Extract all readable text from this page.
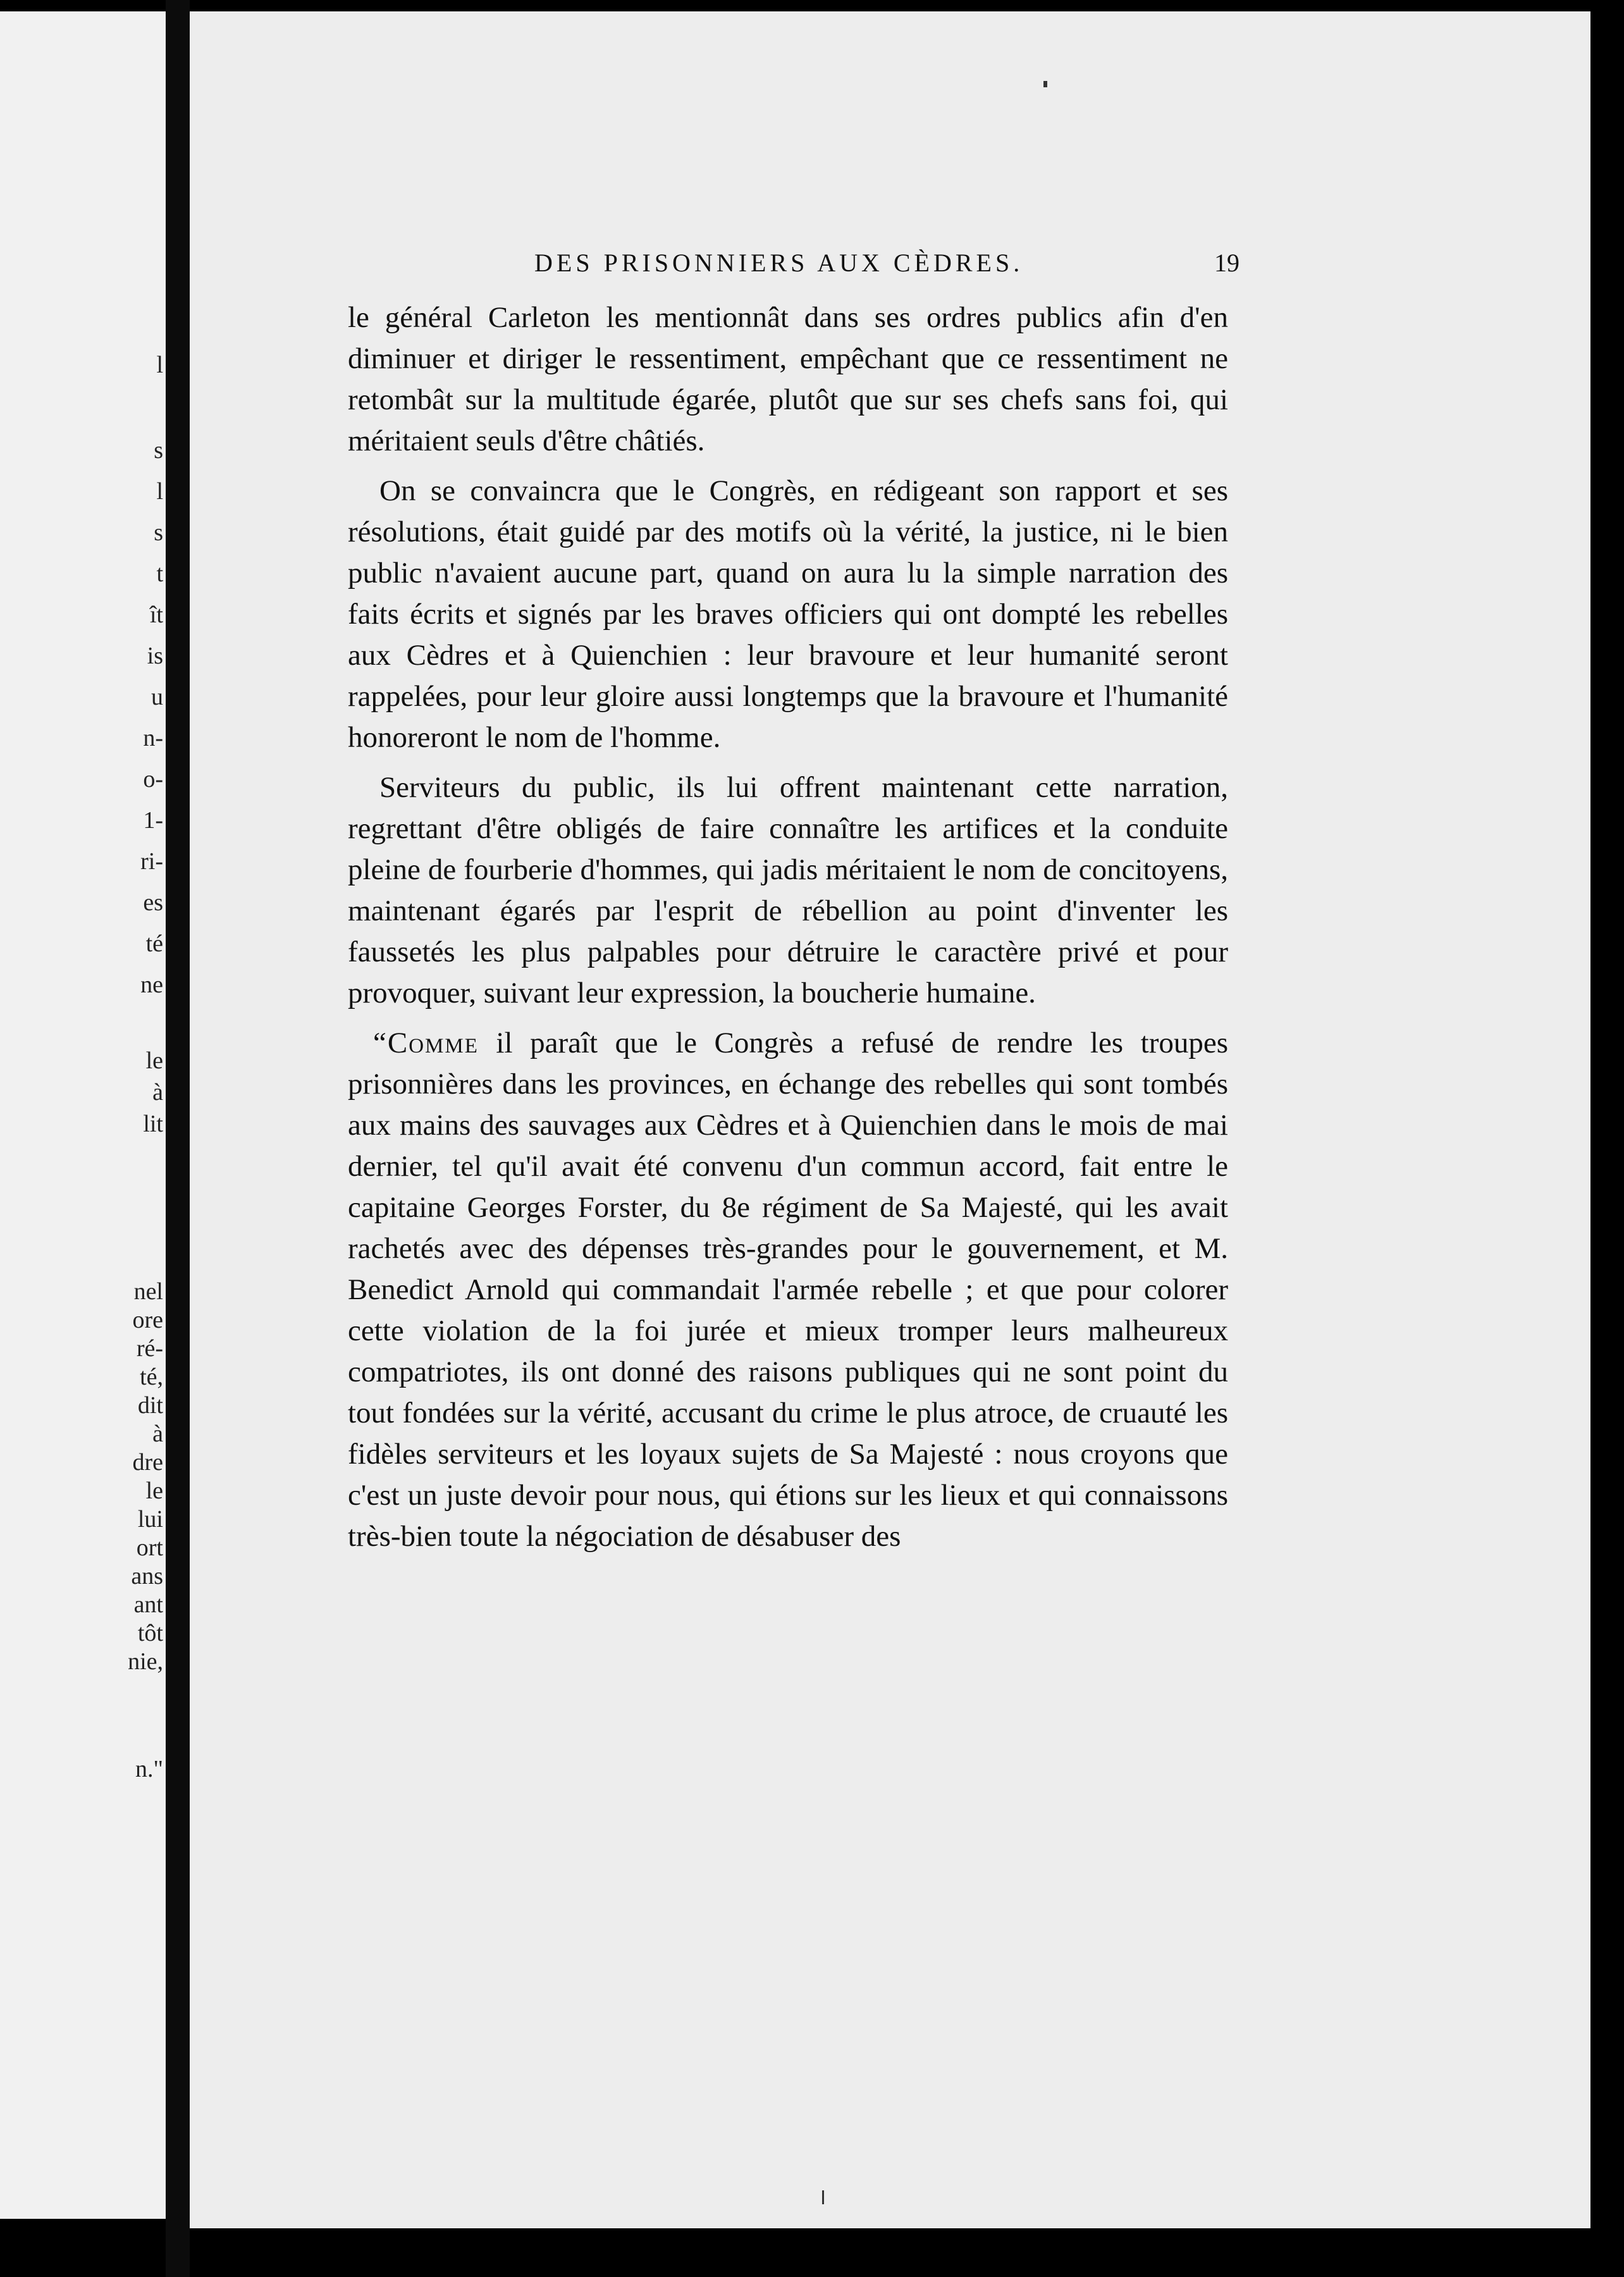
l
s
l
s
t
ît
is
u
n-
o-
1-
ri-
es
té
ne
le
à
lit
nel
ore
ré-
té,
dit
à
dre
le
lui
ort
ans
ant
tôt
nie,
n."
DES PRISONNIERS AUX CÈDRES.	19

le général Carleton les mentionnât dans ses ordres publics afin d'en diminuer et diriger le ressentiment, empêchant que ce ressentiment ne retombât sur la multitude égarée, plutôt que sur ses chefs sans foi, qui méritaient seuls d'être châtiés.

On se convaincra que le Congrès, en rédigeant son rapport et ses résolutions, était guidé par des motifs où la vérité, la justice, ni le bien public n'avaient aucune part, quand on aura lu la simple narration des faits écrits et signés par les braves officiers qui ont dompté les rebelles aux Cèdres et à Quienchien : leur bravoure et leur humanité seront rappelées, pour leur gloire aussi longtemps que la bravoure et l'humanité honoreront le nom de l'homme.

Serviteurs du public, ils lui offrent maintenant cette narration, regrettant d'être obligés de faire connaître les artifices et la conduite pleine de fourberie d'hommes, qui jadis méritaient le nom de concitoyens, maintenant égarés par l'esprit de rébellion au point d'inventer les faussetés les plus palpables pour détruire le caractère privé et pour provoquer, suivant leur expression, la boucherie humaine.

“Comme il paraît que le Congrès a refusé de rendre les troupes prisonnières dans les provinces, en échange des rebelles qui sont tombés aux mains des sauvages aux Cèdres et à Quienchien dans le mois de mai dernier, tel qu'il avait été convenu d'un commun accord, fait entre le capitaine Georges Forster, du 8e régiment de Sa Majesté, qui les avait rachetés avec des dépenses très-grandes pour le gouvernement, et M. Benedict Arnold qui commandait l'armée rebelle ; et que pour colorer cette violation de la foi jurée et mieux tromper leurs malheureux compatriotes, ils ont donné des raisons publiques qui ne sont point du tout fondées sur la vérité, accusant du crime le plus atroce, de cruauté les fidèles serviteurs et les loyaux sujets de Sa Majesté : nous croyons que c'est un juste devoir pour nous, qui étions sur les lieux et qui connaissons très-bien toute la négociation de désabuser des
